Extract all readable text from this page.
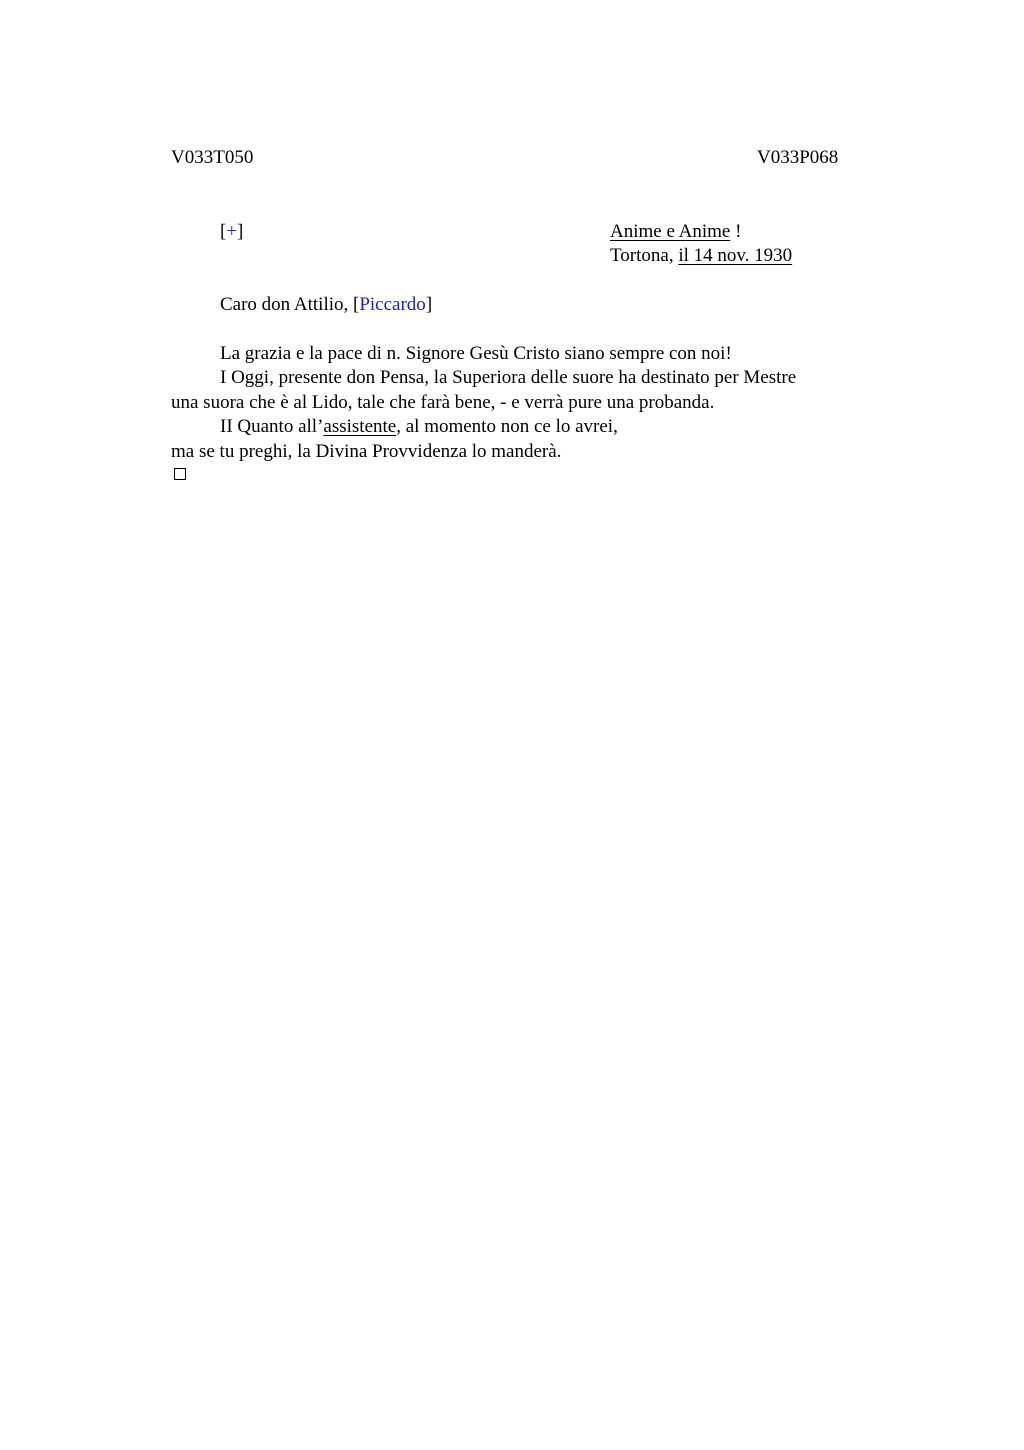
V033T050	V033P068
[+]	Anime e Anime !
Tortona, il 14 nov. 1930
Caro don Attilio, [Piccardo]
La grazia e la pace di n. Signore Gesù Cristo siano sempre con noi!
I Oggi, presente don Pensa, la Superiora delle suore ha destinato per Mestre
una suora che è al Lido, tale che farà bene, - e verrà pure una probanda.
II Quanto all’assistente, al momento non ce lo avrei,
ma se tu preghi, la Divina Provvidenza lo manderà.
